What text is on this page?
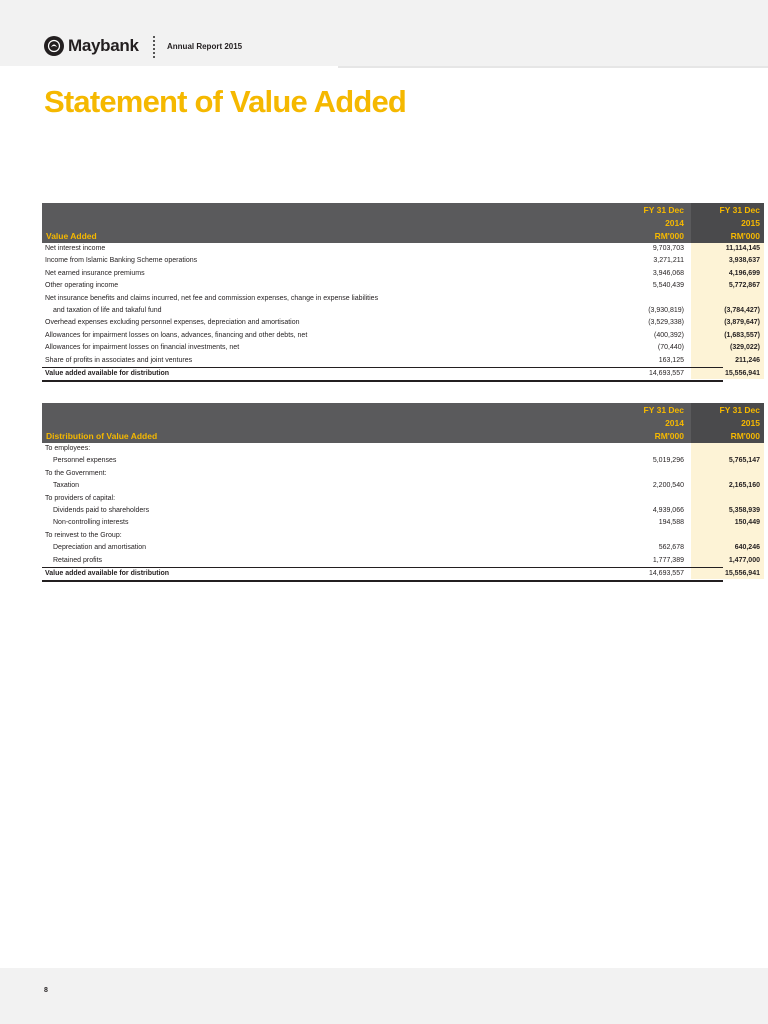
Maybank	Annual Report 2015
Statement of Value Added
Value Added
FY 31 Dec
2014
RM'000
FY 31 Dec
2015
RM'000
Net interest income	9,703,703	11,114,145
Income from Islamic Banking Scheme operations	3,271,211	3,938,637
Net earned insurance premiums	3,946,068	4,196,699
Other operating income	5,540,439	5,772,867
Net insurance benefits and claims incurred, net fee and commission expenses, change in expense liabilities
and taxation of life and takaful fund	(3,930,819)	(3,784,427)
Overhead expenses excluding personnel expenses, depreciation and amortisation	(3,529,338)	(3,879,647)
Allowances for impairment losses on loans, advances, financing and other debts, net	(400,392)	(1,683,557)
Allowances for impairment losses on financial investments, net	(70,440)	(329,022)
Share of profits in associates and joint ventures	163,125	211,246
Value added available for distribution	14,693,557	15,556,941
Distribution of Value Added
FY 31 Dec
2014
RM'000
FY 31 Dec
2015
RM'000
To employees:
Personnel expenses	5,019,296	5,765,147
To the Government:
Taxation	2,200,540	2,165,160
To providers of capital:
Dividends paid to shareholders	4,939,066	5,358,939
Non-controlling interests	194,588	150,449
To reinvest to the Group:
Depreciation and amortisation	562,678	640,246
Retained profits	1,777,389	1,477,000
Value added available for distribution	14,693,557	15,556,941
8
